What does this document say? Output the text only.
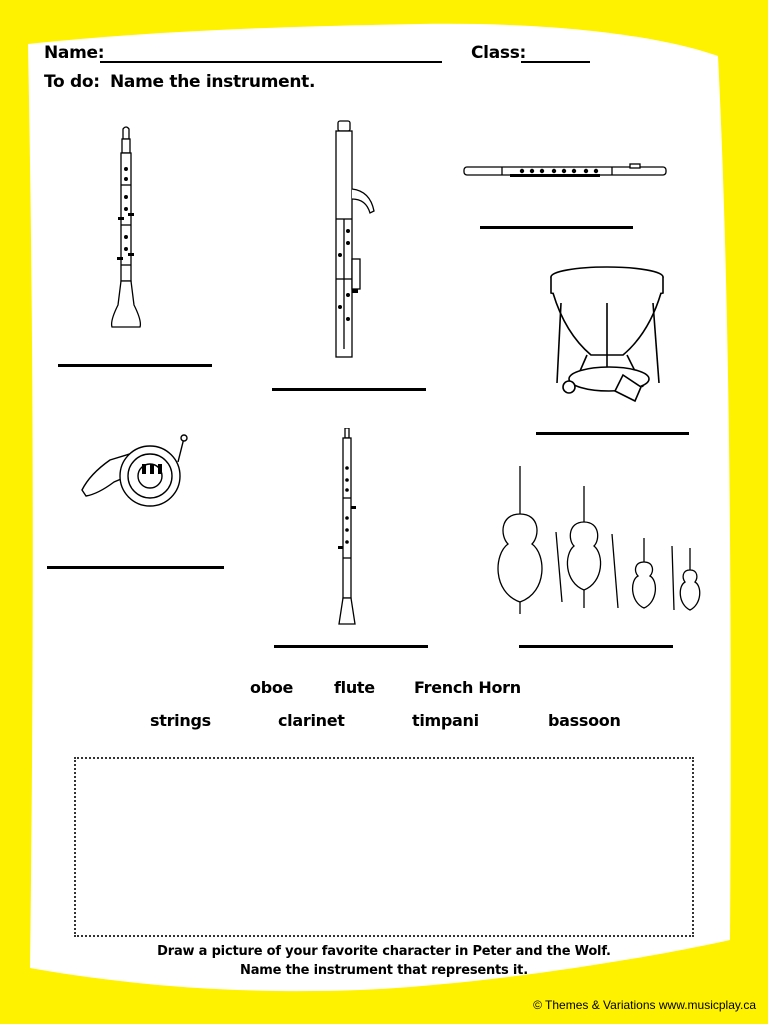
Name:	Class:
To do: Name the instrument.
oboe	flute French Horn
strings	clarinet	timpani	bassoon
Draw a picture of your favorite character in Peter and the Wolf.
Name the instrument that represents it.
© Themes & Variations www.musicplay.ca
